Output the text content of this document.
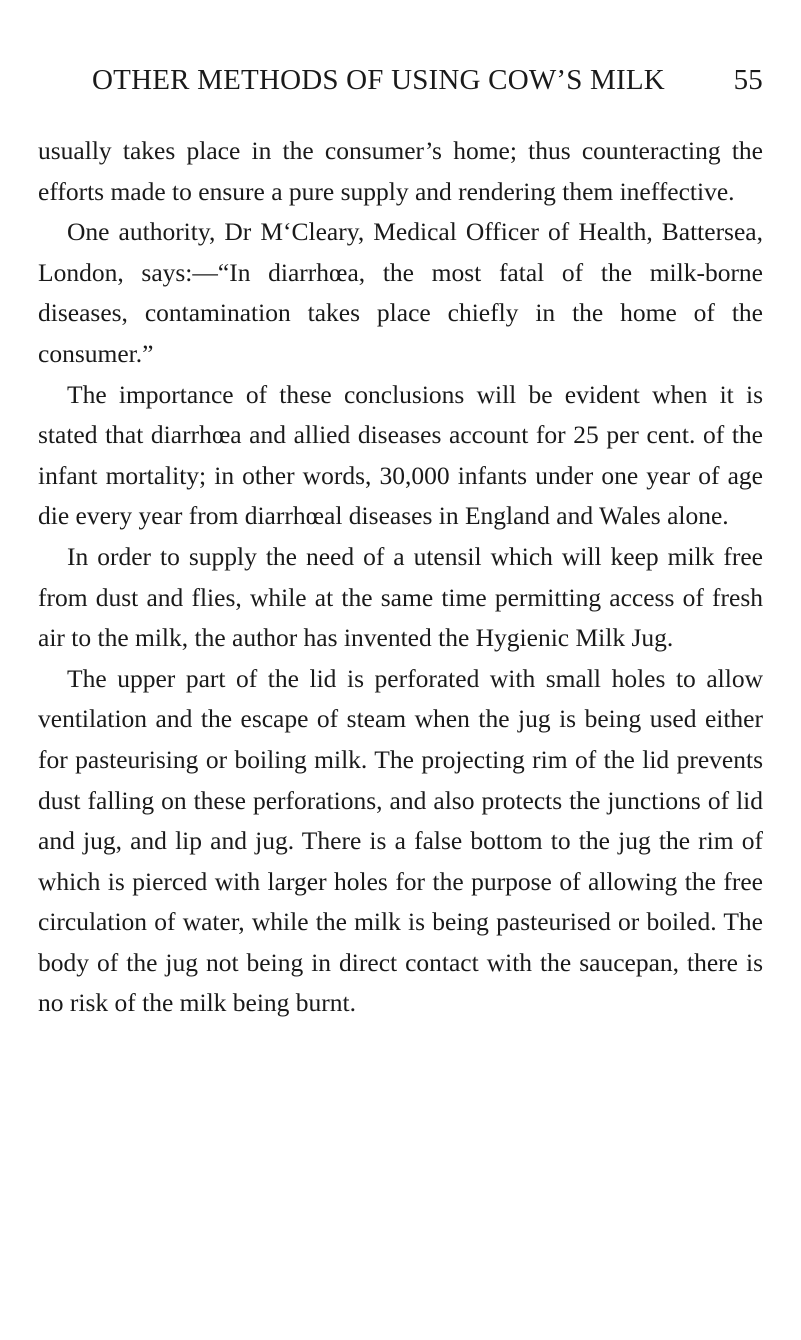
OTHER METHODS OF USING COW’S MILK	55

usually takes place in the consumer’s home; thus counteracting the efforts made to ensure a pure supply and rendering them ineffective.

One authority, Dr M‘Cleary, Medical Officer of Health, Battersea, London, says:—“In diarrhœa, the most fatal of the milk-borne diseases, contamination takes place chiefly in the home of the consumer.”

The importance of these conclusions will be evident when it is stated that diarrhœa and allied diseases account for 25 per cent. of the infant mortality; in other words, 30,000 infants under one year of age die every year from diarrhœal diseases in England and Wales alone.

In order to supply the need of a utensil which will keep milk free from dust and flies, while at the same time permitting access of fresh air to the milk, the author has invented the Hygienic Milk Jug.

The upper part of the lid is perforated with small holes to allow ventilation and the escape of steam when the jug is being used either for pasteurising or boiling milk. The projecting rim of the lid prevents dust falling on these perforations, and also protects the junctions of lid and jug, and lip and jug. There is a false bottom to the jug the rim of which is pierced with larger holes for the purpose of allowing the free circulation of water, while the milk is being pasteurised or boiled. The body of the jug not being in direct contact with the saucepan, there is no risk of the milk being burnt.
